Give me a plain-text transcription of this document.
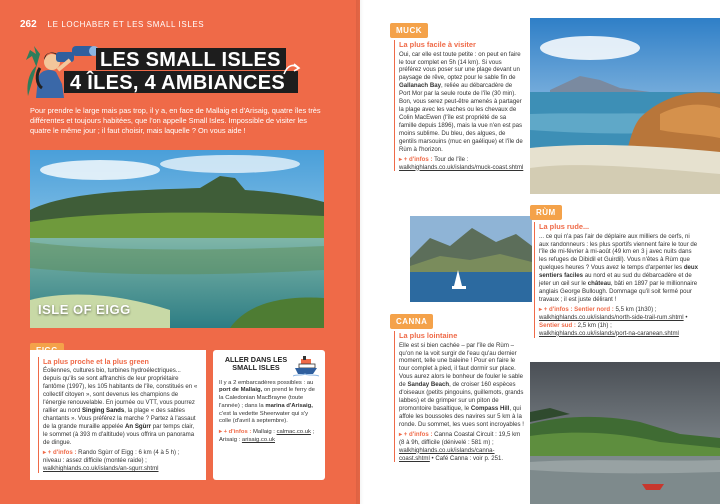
262 LE LOCHABER ET LES SMALL ISLES
LES SMALL ISLES
4 ÎLES, 4 AMBIANCES
Pour prendre le large mais pas trop, il y a, en face de Mallaig et d'Arisaig, quatre îles très différentes et toujours habitées, que l'on appelle Small Isles. Impossible de visiter les quatre le même jour ; il faut choisir, mais laquelle ? On vous aide !
ISLE OF EIGG
La plus proche et la plus green
Éoliennes, cultures bio, turbines hydroélectriques... depuis qu'ils se sont affranchis de leur propriétaire fantôme (1997), les 105 habitants de l'île, constitués en « collectif citoyen », sont devenus les champions de l'énergie renouvelable. En journée ou VTT, vous pourrez rallier au nord Singing Sands, la plage « des sables chantants ». Vous préférez la marche ? Partez à l'assaut de la grande muraille appelée An Sgùrr par temps clair, le sommet (à 393 m d'altitude) vous offrira un panorama de dingue.
▸ + d'infos : Rando Sgùrr of Eigg : 6 km (4 à 5 h) ; niveau : assez difficile (montée raide) ; walkhighlands.co.uk/islands/an-sgurr.shtml
ALLER DANS LES SMALL ISLES
Il y a 2 embarcadères possibles : au port de Mallaig, on prend le ferry de la Caledonian MacBrayne (toute l'année) ; dans la marina d'Arisaig, c'est la vedette Sheerwater qui s'y colle (d'avril à septembre).
▸ + d'infos : Mallaig : calmac.co.uk ; Arisaig : arisaig.co.uk
MUCK
La plus facile à visiter
Oui, car elle est toute petite : on peut en faire le tour complet en 5h (14 km). Si vous préférez vous poser sur une plage devant un paysage de rêve, optez pour le sable fin de Gallanach Bay, reliée au débarcadère de Port Mor par la seule route de l'île (30 min). Bon, vous serez peut-être amenés à partager la plage avec les vaches ou les chevaux de Colin MacEwen (l'île est propriété de sa famille depuis 1896), mais la vue n'en est pas moins sublime. Du bleu, des algues, de gentils marsouins (muc en gaélique) et l'île de Rùm à l'horizon.
▸ + d'infos : Tour de l'île : walkhighlands.co.uk/islands/muck-coast.shtml
RÙM
La plus rude...
... ce qui n'a pas l'air de déplaire aux milliers de cerfs, ni aux randonneurs : les plus sportifs viennent faire le tour de l'île de mi-février à mi-août (49 km en 3 j avec nuits dans les refuges de Dibidil et Guirdil). Vous n'êtes à Rùm que quelques heures ? Vous avez le temps d'arpenter les deux sentiers faciles au nord et au sud du débarcadère et de jeter un œil sur le château, bâti en 1897 par le millionnaire anglais George Bullough. Dommage qu'il soit fermé pour travaux ; il est juste délirant !
▸ + d'infos : Sentier nord : 5,5 km (1h30) ; walkhighlands.co.uk/islands/north-side-trail-rum.shtml • Sentier sud : 2,5 km (1h) ; walkhighlands.co.uk/islands/port-na-caranean.shtml
CANNA
La plus lointaine
Elle est si bien cachée – par l'île de Rùm – qu'on ne la voit surgir de l'eau qu'au dernier moment, telle une baleine ! Pour en faire le tour complet à pied, il faut dormir sur place. Vous aurez alors le bonheur de fouler le sable de Sanday Beach, de croiser 160 espèces d'oiseaux (petits pingouins, guillemots, grands labbes) et de grimper sur un piton de promontoire basaltique, le Compass Hill, qui affole les boussoles des navires sur 5 km à la ronde. Du sommet, les vues sont incroyables !
▸ + d'infos : Canna Coastal Circuit : 19,5 km (8 à 9h, difficile (dénivelé : 581 m) ; walkhighlands.co.uk/islands/canna-coast.shtml • Café Canna : voir p. 251.
